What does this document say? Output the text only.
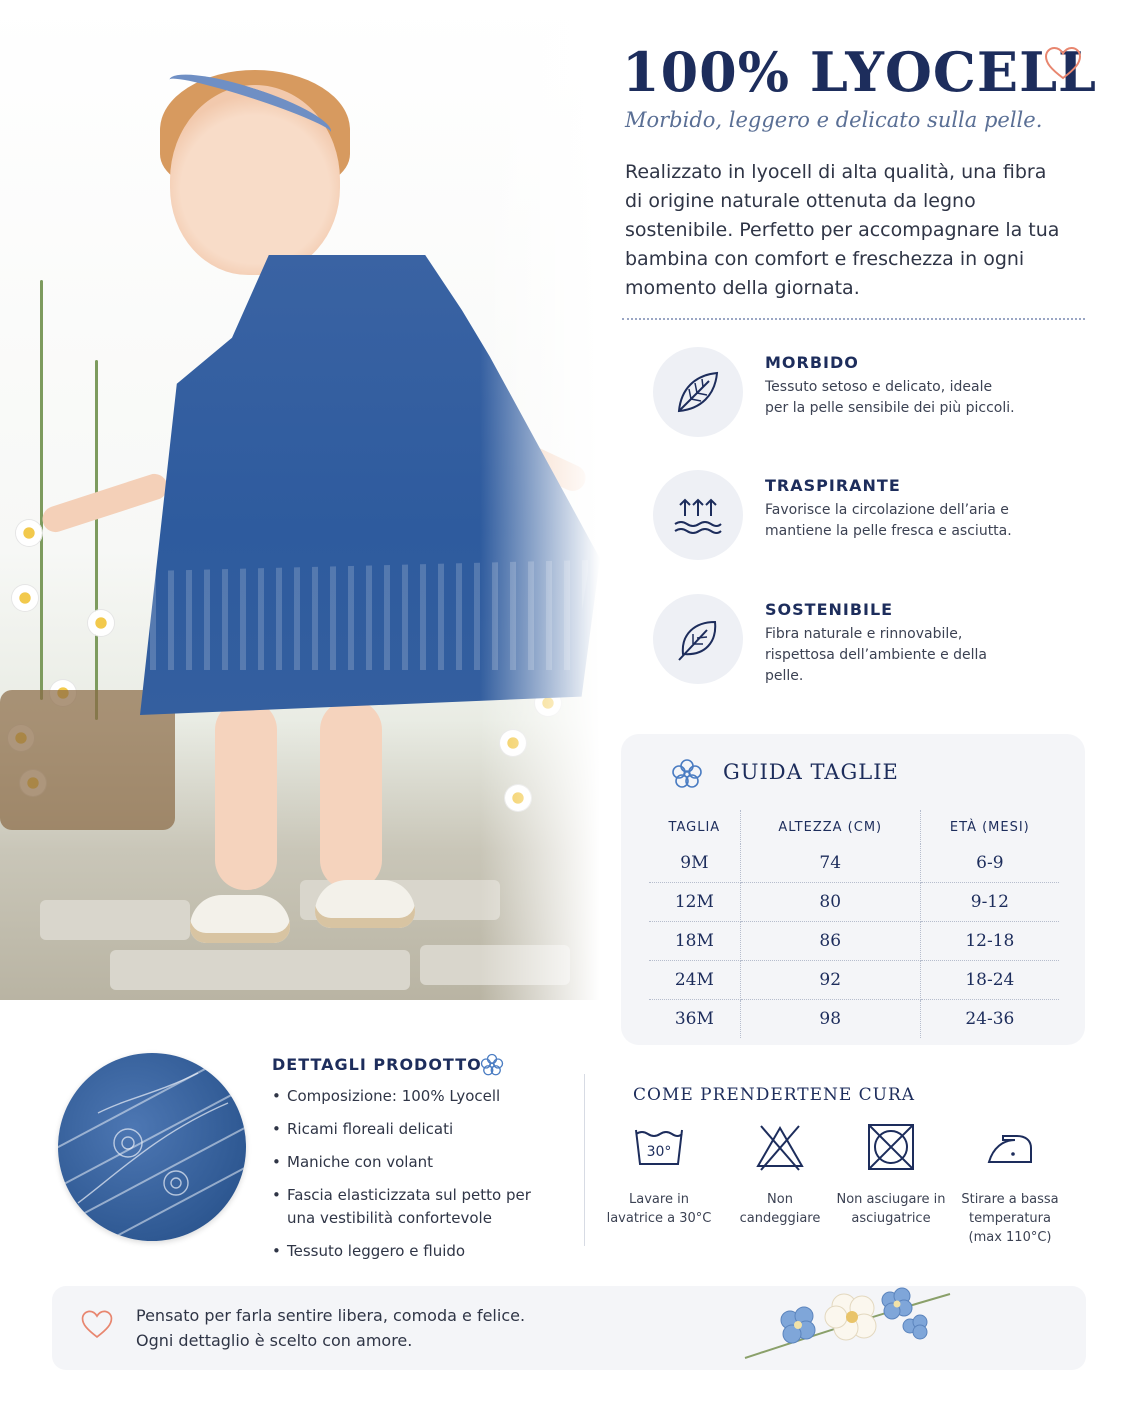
100% LYOCELL
Morbido, leggero e delicato sulla pelle.
Realizzato in lyocell di alta qualità, una fibra di origine naturale ottenuta da legno sostenibile. Perfetto per accompagnare la tua bambina con comfort e freschezza in ogni momento della giornata.
MORBIDO
Tessuto setoso e delicato, ideale per la pelle sensibile dei più piccoli.
TRASPIRANTE
Favorisce la circolazione dell’aria e mantiene la pelle fresca e asciutta.
SOSTENIBILE
Fibra naturale e rinnovabile, rispettosa dell’ambiente e della pelle.
GUIDA TAGLIE
TAGLIA	ALTEZZA (CM)	ETÀ (MESI)
9M	74	6-9
12M	80	9-12
18M	86	12-18
24M	92	18-24
36M	98	24-36
DETTAGLI PRODOTTO
• Composizione: 100% Lyocell
• Ricami floreali delicati
• Maniche con volant
• Fascia elasticizzata sul petto per una vestibilità confortevole
• Tessuto leggero e fluido
COME PRENDERTENE CURA
30°
Lavare in lavatrice a 30°C
Non candeggiare
Non asciugare in asciugatrice
Stirare a bassa temperatura (max 110°C)
Pensato per farla sentire libera, comoda e felice.
Ogni dettaglio è scelto con amore.
